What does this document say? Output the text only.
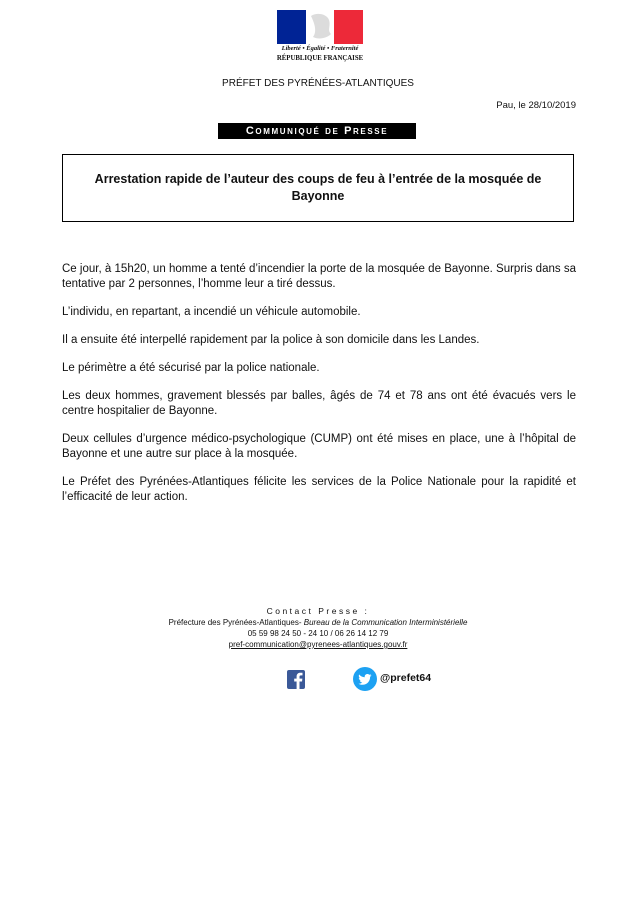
Liberté • Égalité • Fraternité
RÉPUBLIQUE FRANÇAISE
PRÉFET DES PYRÉNÉES-ATLANTIQUES
Pau, le 28/10/2019
Communiqué de Presse
Arrestation rapide de l’auteur des coups de feu à l’entrée de la mosquée de Bayonne

Ce jour, à 15h20, un homme a tenté d’incendier la porte de la mosquée de Bayonne. Surpris dans sa tentative par 2 personnes, l’homme leur a tiré dessus.

L’individu, en repartant, a incendié un véhicule automobile.

Il a ensuite été interpellé rapidement par la police à son domicile dans les Landes.

Le périmètre a été sécurisé par la police nationale.

Les deux hommes, gravement blessés par balles, âgés de 74 et 78 ans ont été évacués vers le centre hospitalier de Bayonne.

Deux cellules d’urgence médico-psychologique (CUMP) ont été mises en place, une à l’hôpital de Bayonne et une autre sur place à la mosquée.

Le Préfet des Pyrénées-Atlantiques félicite les services de la Police Nationale pour la rapidité et l’efficacité de leur action.

Contact Presse :
Préfecture des Pyrénées-Atlantiques- Bureau de la Communication Interministérielle
05 59 98 24 50 - 24 10 / 06 26 14 12 79
pref-communication@pyrenees-atlantiques.gouv.fr
@prefet64
